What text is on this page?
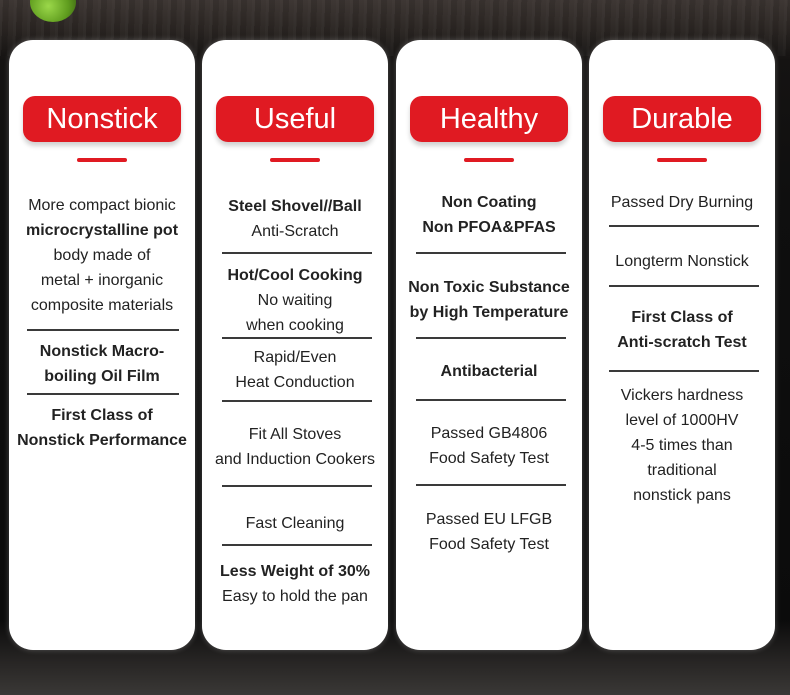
Nonstick
More compact bionic
microcrystalline pot
body made of
metal + inorganic
composite materials
Nonstick Macro-
boiling Oil Film
First Class of
Nonstick Performance
Useful
Steel Shovel//Ball
Anti-Scratch
Hot/Cool Cooking
No waiting
when cooking
Rapid/Even
Heat Conduction
Fit All Stoves
and Induction Cookers
Fast Cleaning
Less Weight of 30%
Easy to hold the pan
Healthy
Non Coating
Non PFOA&PFAS
Non Toxic Substance
by High Temperature
Antibacterial
Passed GB4806
Food Safety Test
Passed EU LFGB
Food Safety Test
Durable
Passed Dry Burning
Longterm Nonstick
First Class of
Anti-scratch Test
Vickers hardness
level of 1000HV
4-5 times than
traditional
nonstick pans
